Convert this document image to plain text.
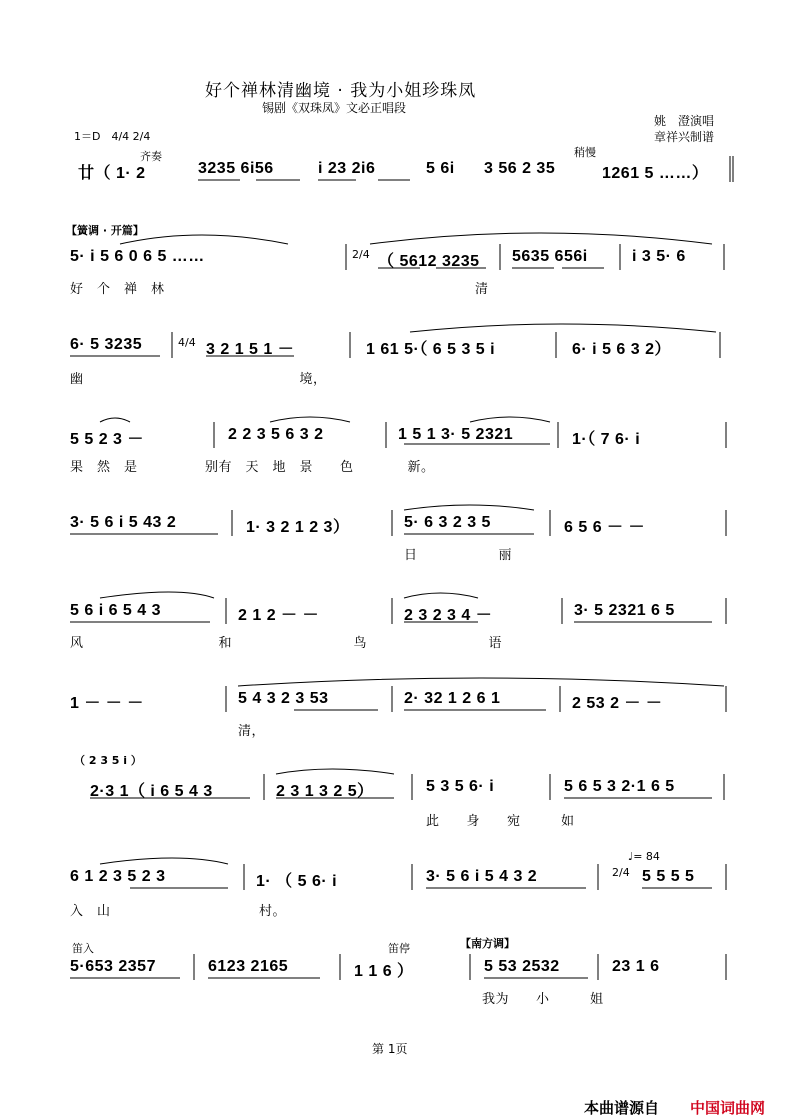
好个禅林清幽境 · 我为小姐珍珠凤
锡剧《双珠凤》文必正唱段
姚　澄演唱
章祥兴制谱
1＝D　4/4 2/4
齐奏	稍慢
廿（ 1· 2	3235 6i56	i 23 2i6	5 6i 3 56 2 35	1261 5 ……）
【簧调 · 开篇】
5· i 5 6 0 6 5 ……	2/4 （ 5612 3235 5635 656i	i 3 5· 6
好　个　禅　林　　　　　　　　　　　　　　　　　　　　　　　清
6· 5 3235	4/4 3 2 1 5 1 －	1 61 5·（ 6 5 3 5 i	6· i 5 6 3 2）
幽　　　　　　　　　　　　　　　　境，
5 5 2 3 －	2 2 3 5 6 3 2	1 5 1 3· 5 2321	1·（ 7 6· i
果　然　是　　　　　别有　天　地　景　　色　　　　新。
3· 5 6 i 5 43 2	1· 3 2 1 2 3）	5· 6 3 2 3 5	6 5 6 － －
日　　　　　　丽
5 6 i 6 5 4 3	2 1 2 － －	2 3 2 3 4 －	3· 5 2321 6 5
风　　　　　　　　　　和　　　　　　　　　鸟　　　　　　　　　语
1 － － －	5 4 3 2 3 53	2· 32 1 2 6 1	2 53 2 － －
清，
（ 2 3 5 i ）
2·3 1（ i 6 5 4 3	2 3 1 3 2 5）	5 3 5 6· i	5 6 5 3 2·1 6 5
此　　身　　宛　　　如
2/4
♩= 84
6 1 2 3 5 2 3	1· （ 5 6· i	3· 5 6 i 5 4 3 2	5 5 5 5
入　山　　　　　　　　　　　村。
笛入	笛停	【南方调】
5·653 2357	6123 2165	1 1 6 ）	5 53 2532	23 1 6
我为　　小　　　姐
第 1页
本曲谱源自 中国词曲网
